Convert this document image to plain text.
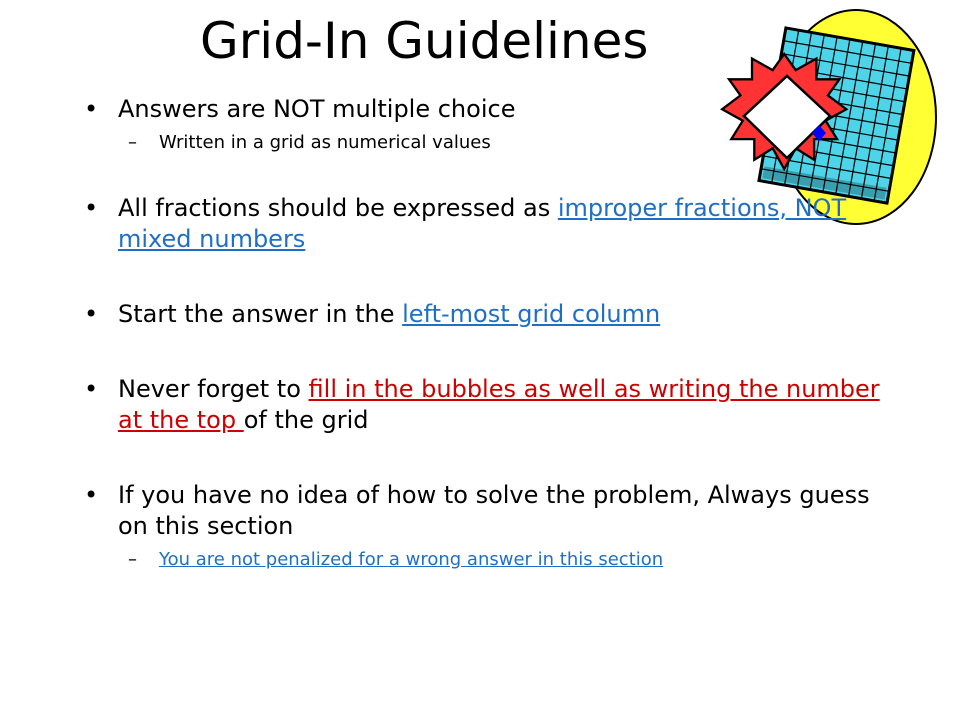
Grid-In Guidelines
• Answers are NOT multiple choice
– Written in a grid as numerical values
• All fractions should be expressed as improper fractions, NOT mixed numbers
• Start the answer in the left-most grid column
• Never forget to fill in the bubbles as well as writing the number at the top of the grid
• If you have no idea of how to solve the problem, Always guess on this section
– You are not penalized for a wrong answer in this section
